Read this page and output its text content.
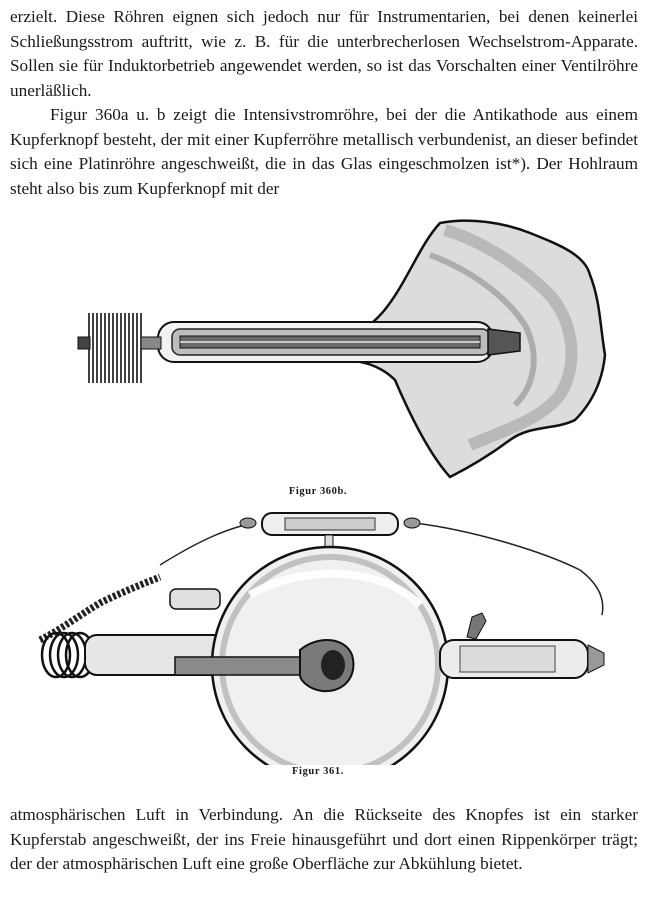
erzielt. Diese Röhren eignen sich jedoch nur für Instrumentarien, bei denen keinerlei Schließungsstrom auftritt, wie z. B. für die unterbrecherlosen Wechselstrom-Apparate. Sollen sie für Induktorbetrieb angewendet werden, so ist das Vorschalten einer Ventilröhre unerläßlich.
Figur 360a u. b zeigt die Intensivstromröhre, bei der die Antikathode aus einem Kupferknopf besteht, der mit einer Kupferröhre metallisch verbundenist, an dieser befindet sich eine Platinröhre angeschweißt, die in das Glas eingeschmolzen ist*). Der Hohlraum steht also bis zum Kupferknopf mit der
Figur 360b.
Figur 361.
atmosphärischen Luft in Verbindung. An die Rückseite des Knopfes ist ein starker Kupferstab angeschweißt, der ins Freie hinausgeführt und dort einen Rippenkörper trägt; der der atmosphärischen Luft eine große Oberfläche zur Abkühlung bietet.
